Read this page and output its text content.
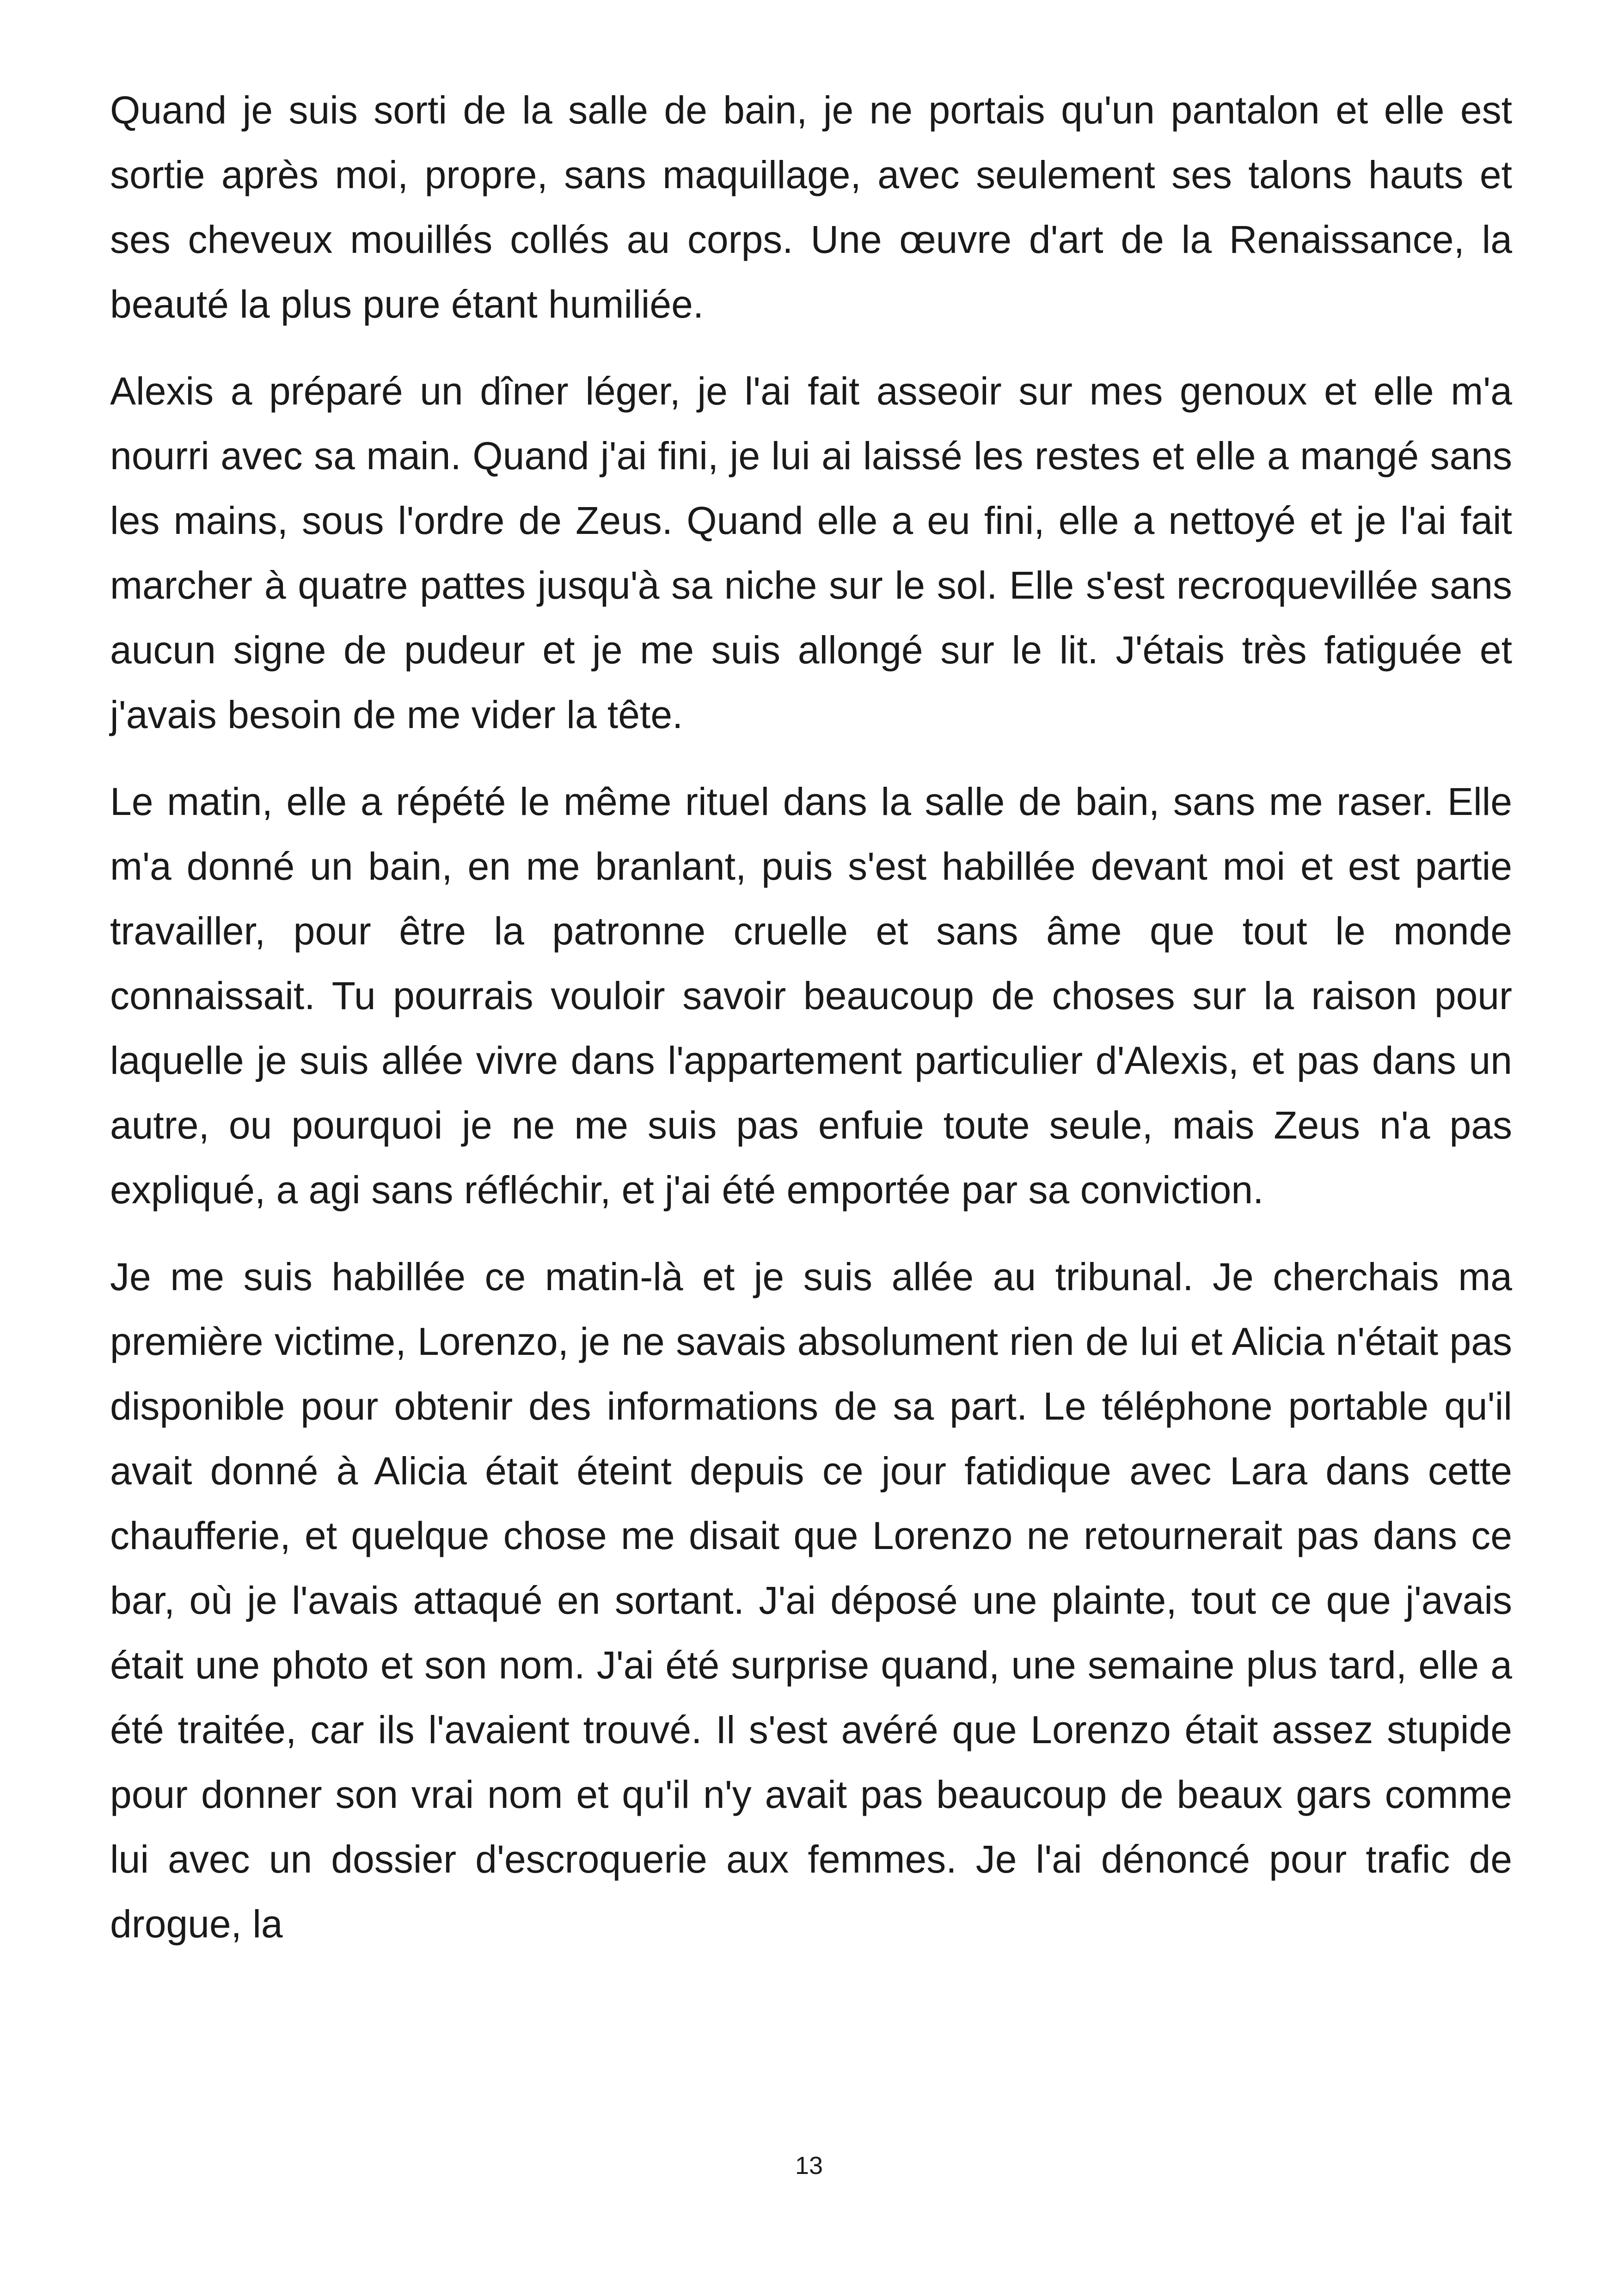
Quand je suis sorti de la salle de bain, je ne portais qu'un pantalon et elle est sortie après moi, propre, sans maquillage, avec seulement ses talons hauts et ses cheveux mouillés collés au corps. Une œuvre d'art de la Renaissance, la beauté la plus pure étant humiliée.

Alexis a préparé un dîner léger, je l'ai fait asseoir sur mes genoux et elle m'a nourri avec sa main. Quand j'ai fini, je lui ai laissé les restes et elle a mangé sans les mains, sous l'ordre de Zeus. Quand elle a eu fini, elle a nettoyé et je l'ai fait marcher à quatre pattes jusqu'à sa niche sur le sol. Elle s'est recroquevillée sans aucun signe de pudeur et je me suis allongé sur le lit. J'étais très fatiguée et j'avais besoin de me vider la tête.

Le matin, elle a répété le même rituel dans la salle de bain, sans me raser. Elle m'a donné un bain, en me branlant, puis s'est habillée devant moi et est partie travailler, pour être la patronne cruelle et sans âme que tout le monde connaissait. Tu pourrais vouloir savoir beaucoup de choses sur la raison pour laquelle je suis allée vivre dans l'appartement particulier d'Alexis, et pas dans un autre, ou pourquoi je ne me suis pas enfuie toute seule, mais Zeus n'a pas expliqué, a agi sans réfléchir, et j'ai été emportée par sa conviction.

Je me suis habillée ce matin-là et je suis allée au tribunal. Je cherchais ma première victime, Lorenzo, je ne savais absolument rien de lui et Alicia n'était pas disponible pour obtenir des informations de sa part. Le téléphone portable qu'il avait donné à Alicia était éteint depuis ce jour fatidique avec Lara dans cette chaufferie, et quelque chose me disait que Lorenzo ne retournerait pas dans ce bar, où je l'avais attaqué en sortant. J'ai déposé une plainte, tout ce que j'avais était une photo et son nom. J'ai été surprise quand, une semaine plus tard, elle a été traitée, car ils l'avaient trouvé. Il s'est avéré que Lorenzo était assez stupide pour donner son vrai nom et qu'il n'y avait pas beaucoup de beaux gars comme lui avec un dossier d'escroquerie aux femmes. Je l'ai dénoncé pour trafic de drogue, la

13
